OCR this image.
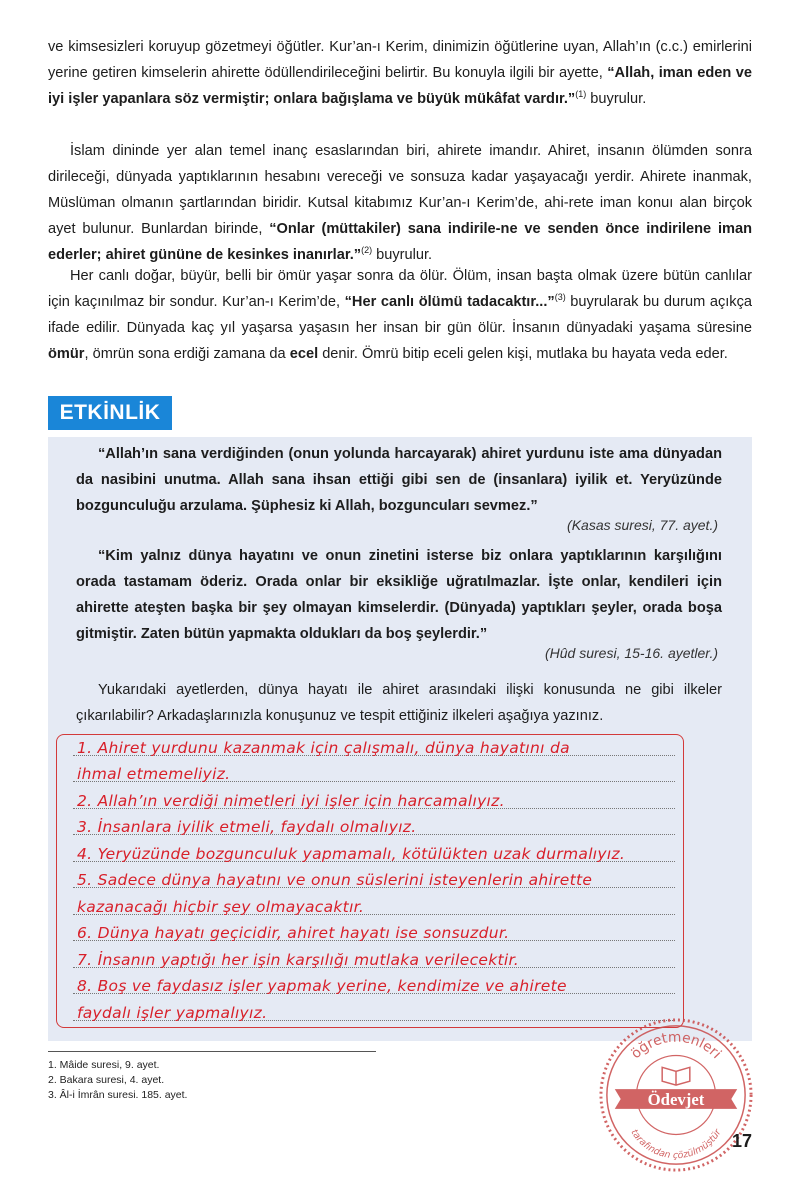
ve kimsesizleri koruyup gözetmeyi öğütler. Kur’an-ı Kerim, dinimizin öğütlerine uyan, Allah’ın (c.c.) emirlerini yerine getiren kimselerin ahirette ödüllendirileceğini belirtir. Bu konuyla ilgili bir ayette, “Allah, iman eden ve iyi işler yapanlara söz vermiştir; onlara bağışlama ve büyük mükâfat vardır.”$^{(1)}$ buyrulur.

İslam dininde yer alan temel inanç esaslarından biri, ahirete imandır. Ahiret, insanın ölümden sonra dirileceği, dünyada yaptıklarının hesabını vereceği ve sonsuza kadar yaşayacağı yerdir. Ahirete inanmak, Müslüman olmanın şartlarından biridir. Kutsal kitabımız Kur’an-ı Kerim’de, ahi-rete iman konuı alan birçok ayet bulunur. Bunlardan birinde, “Onlar (müttakiler) sana indirile-ne ve senden önce indirilene iman ederler; ahiret gününe de kesinkes inanırlar.”$^{(2)}$ buyrulur.

Her canlı doğar, büyür, belli bir ömür yaşar sonra da ölür. Ölüm, insan başta olmak üzere bütün canlılar için kaçınılmaz bir sondur. Kur’an-ı Kerim’de, “Her canlı ölümü tadacaktır...”$^{(3)}$ buyrularak bu durum açıkça ifade edilir. Dünyada kaç yıl yaşarsa yaşasın her insan bir gün ölür. İnsanın dünyadaki yaşama süresine ömür, ömrün sona erdiği zamana da ecel denir. Ömrü bitip eceli gelen kişi, mutlaka bu hayata veda eder.

ETKİNLİK

“Allah’ın sana verdiğinden (onun yolunda harcayarak) ahiret yurdunu iste ama dünyadan da nasibini unutma. Allah sana ihsan ettiği gibi sen de (insanlara) iyilik et. Yeryüzünde bozgunculuğu arzulama. Şüphesiz ki Allah, bozguncuları sevmez.”

(Kasas suresi, 77. ayet.)

“Kim yalnız dünya hayatını ve onun zinetini isterse biz onlara yaptıklarının karşılığını orada tastamam öderiz. Orada onlar bir eksikliğe uğratılmazlar. İşte onlar, kendileri için ahirette ateşten başka bir şey olmayan kimselerdir. (Dünyada) yaptıkları şeyler, orada boşa gitmiştir. Zaten bütün yapmakta oldukları da boş şeylerdir.”

(Hûd suresi, 15-16. ayetler.)

Yukarıdaki ayetlerden, dünya hayatı ile ahiret arasındaki ilişki konusunda ne gibi ilkeler çıkarılabilir? Arkadaşlarınızla konuşunuz ve tespit ettiğiniz ilkeleri aşağıya yazınız.

1. Ahiret yurdunu kazanmak için çalışmalı, dünya hayatını da
ihmal etmemeliyiz.
2. Allah’ın verdiği nimetleri iyi işler için harcamalıyız.
3. İnsanlara iyilik etmeli, faydalı olmalıyız.
4. Yeryüzünde bozgunculuk yapmamalı, kötülükten uzak durmalıyız.
5. Sadece dünya hayatını ve onun süslerini isteyenlerin ahirette
kazanacağı hiçbir şey olmayacaktır.
6. Dünya hayatı geçicidir, ahiret hayatı ise sonsuzdur.
7. İnsanın yaptığı her işin karşılığı mutlaka verilecektir.
8. Boş ve faydasız işler yapmak yerine, kendimize ve ahirete
faydalı işler yapmalıyız.
1. Mâide suresi, 9. ayet.
2. Bakara suresi, 4. ayet.
3. Âl-i İmrân suresi. 185. ayet.
öğretmenleri
tarafından çözülmüştür
Ödevjet
17
